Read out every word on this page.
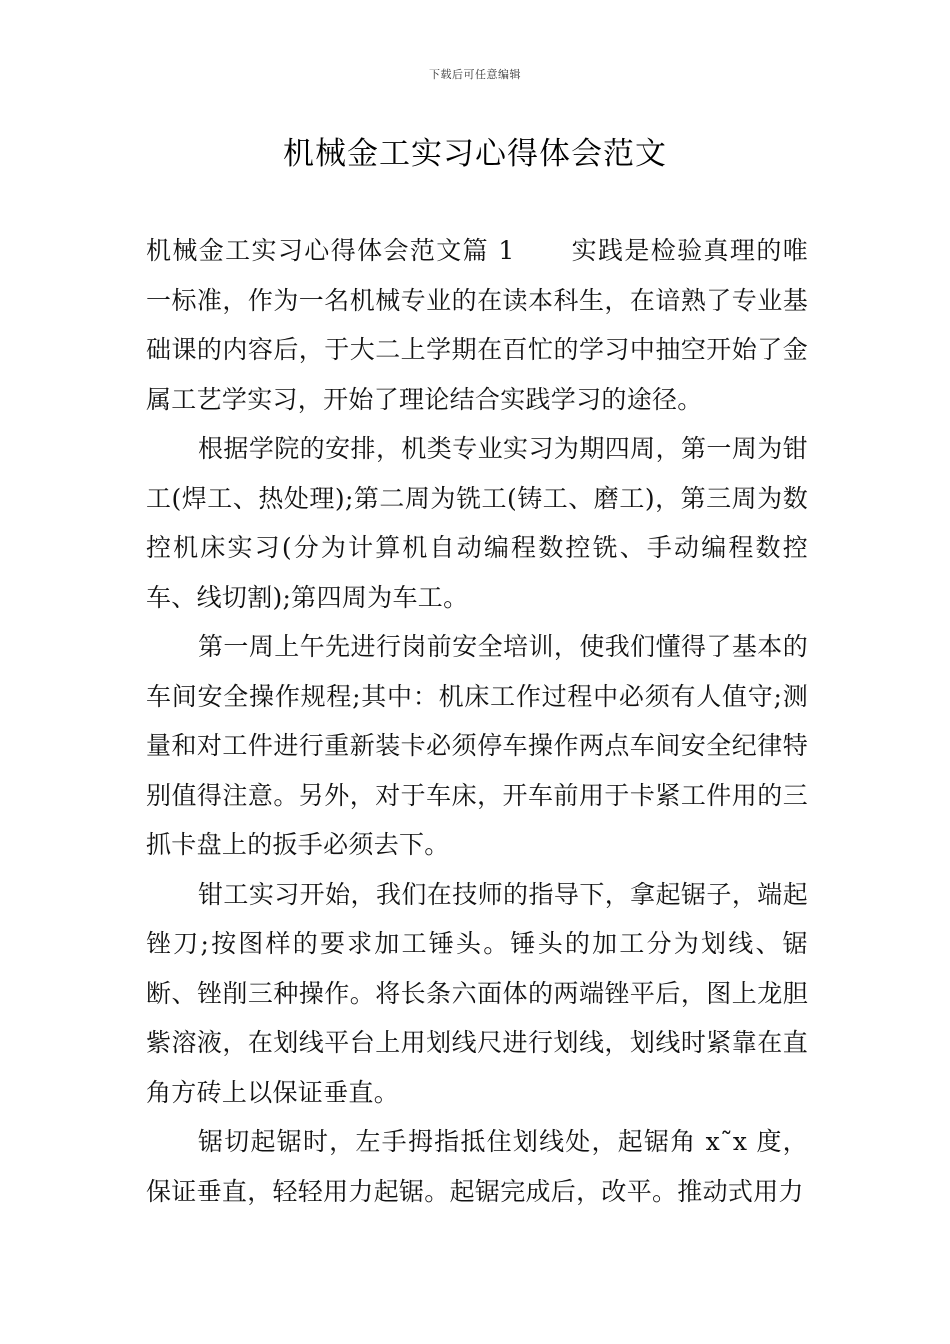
下载后可任意编辑
机械金工实习心得体会范文

机械金工实习心得体会范文篇 1 实践是检验真理的唯一标准，作为一名机械专业的在读本科生，在谙熟了专业基础课的内容后，于大二上学期在百忙的学习中抽空开始了金属工艺学实习，开始了理论结合实践学习的途径。

根据学院的安排，机类专业实习为期四周，第一周为钳工(焊工、热处理);第二周为铣工(铸工、磨工)，第三周为数控机床实习(分为计算机自动编程数控铣、手动编程数控车、线切割);第四周为车工。

第一周上午先进行岗前安全培训，使我们懂得了基本的车间安全操作规程;其中：机床工作过程中必须有人值守;测量和对工件进行重新装卡必须停车操作两点车间安全纪律特别值得注意。另外，对于车床，开车前用于卡紧工件用的三抓卡盘上的扳手必须去下。

钳工实习开始，我们在技师的指导下，拿起锯子，端起锉刀;按图样的要求加工锤头。锤头的加工分为划线、锯断、锉削三种操作。将长条六面体的两端锉平后，图上龙胆紫溶液，在划线平台上用划线尺进行划线，划线时紧靠在直角方砖上以保证垂直。

锯切起锯时，左手拇指抵住划线处，起锯角 x˜x 度，保证垂直，轻轻用力起锯。起锯完成后，改平。推动式用力
